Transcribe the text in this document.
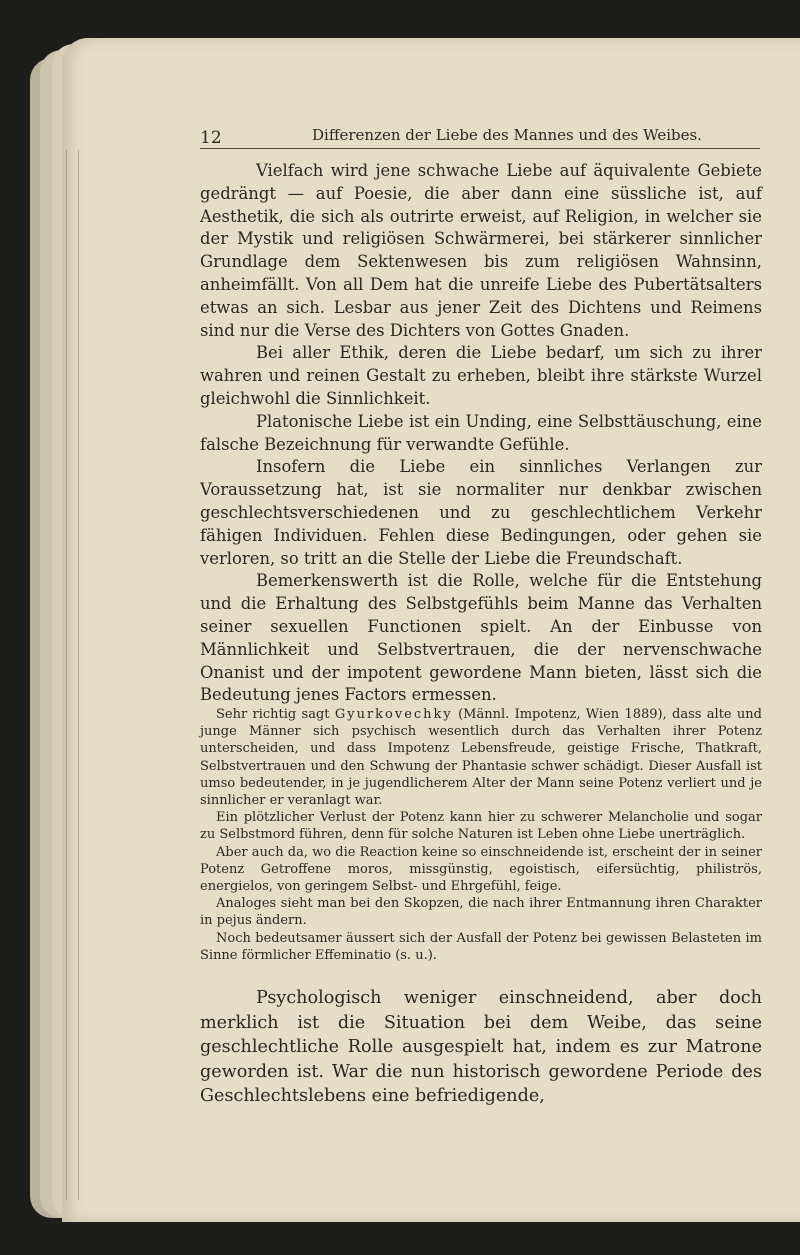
12	Differenzen der Liebe des Mannes und des Weibes.

Vielfach wird jene schwache Liebe auf äquivalente Gebiete gedrängt — auf Poesie, die aber dann eine süssliche ist, auf Aesthetik, die sich als outrirte erweist, auf Religion, in welcher sie der Mystik und religiösen Schwärmerei, bei stärkerer sinnlicher Grundlage dem Sektenwesen bis zum religiösen Wahnsinn, anheimfällt. Von all Dem hat die unreife Liebe des Pubertätsalters etwas an sich. Lesbar aus jener Zeit des Dichtens und Reimens sind nur die Verse des Dichters von Gottes Gnaden.

Bei aller Ethik, deren die Liebe bedarf, um sich zu ihrer wahren und reinen Gestalt zu erheben, bleibt ihre stärkste Wurzel gleichwohl die Sinnlichkeit.

Platonische Liebe ist ein Unding, eine Selbsttäuschung, eine falsche Bezeichnung für verwandte Gefühle.

Insofern die Liebe ein sinnliches Verlangen zur Voraussetzung hat, ist sie normaliter nur denkbar zwischen geschlechtsverschiedenen und zu geschlechtlichem Verkehr fähigen Individuen. Fehlen diese Bedingungen, oder gehen sie verloren, so tritt an die Stelle der Liebe die Freundschaft.

Bemerkenswerth ist die Rolle, welche für die Entstehung und die Erhaltung des Selbstgefühls beim Manne das Verhalten seiner sexuellen Functionen spielt. An der Einbusse von Männlichkeit und Selbstvertrauen, die der nervenschwache Onanist und der impotent gewordene Mann bieten, lässt sich die Bedeutung jenes Factors ermessen.

Sehr richtig sagt Gyurkovechky (Männl. Impotenz, Wien 1889), dass alte und junge Männer sich psychisch wesentlich durch das Verhalten ihrer Potenz unterscheiden, und dass Impotenz Lebensfreude, geistige Frische, Thatkraft, Selbstvertrauen und den Schwung der Phantasie schwer schädigt. Dieser Ausfall ist umso bedeutender, in je jugendlicherem Alter der Mann seine Potenz verliert und je sinnlicher er veranlagt war.

Ein plötzlicher Verlust der Potenz kann hier zu schwerer Melancholie und sogar zu Selbstmord führen, denn für solche Naturen ist Leben ohne Liebe unerträglich.

Aber auch da, wo die Reaction keine so einschneidende ist, erscheint der in seiner Potenz Getroffene moros, missgünstig, egoistisch, eifersüchtig, philiströs, energielos, von geringem Selbst- und Ehrgefühl, feige.

Analoges sieht man bei den Skopzen, die nach ihrer Entmannung ihren Charakter in pejus ändern.

Noch bedeutsamer äussert sich der Ausfall der Potenz bei gewissen Belasteten im Sinne förmlicher Effeminatio (s. u.).

Psychologisch weniger einschneidend, aber doch merklich ist die Situation bei dem Weibe, das seine geschlechtliche Rolle ausgespielt hat, indem es zur Matrone geworden ist. War die nun historisch gewordene Periode des Geschlechtslebens eine befriedigende,
